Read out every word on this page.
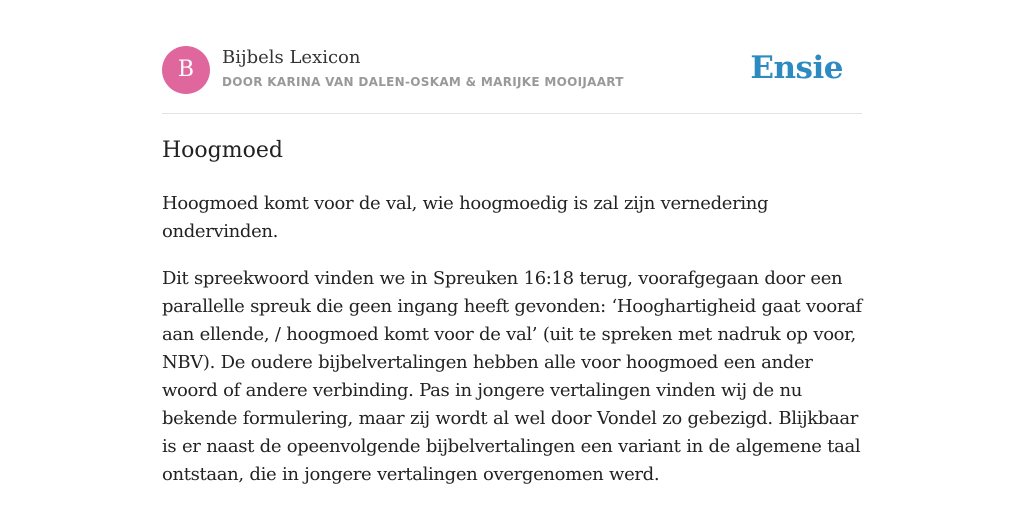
B	Bijbels Lexicon
DOOR KARINA VAN DALEN-OSKAM & MARIJKE MOOIJAART	Ensie
Hoogmoed

Hoogmoed komt voor de val, wie hoogmoedig is zal zijn vernedering ondervinden.

Dit spreekwoord vinden we in Spreuken 16:18 terug, voorafgegaan door een parallelle spreuk die geen ingang heeft gevonden: ‘Hooghartigheid gaat vooraf aan ellende, / hoogmoed komt voor de val’ (uit te spreken met nadruk op voor, NBV). De oudere bijbelvertalingen hebben alle voor hoogmoed een ander woord of andere verbinding. Pas in jongere vertalingen vinden wij de nu bekende formulering, maar zij wordt al wel door Vondel zo gebezigd. Blijkbaar is er naast de opeenvolgende bijbelvertalingen een variant in de algemene taal ontstaan, die in jongere vertalingen overgenomen werd.
